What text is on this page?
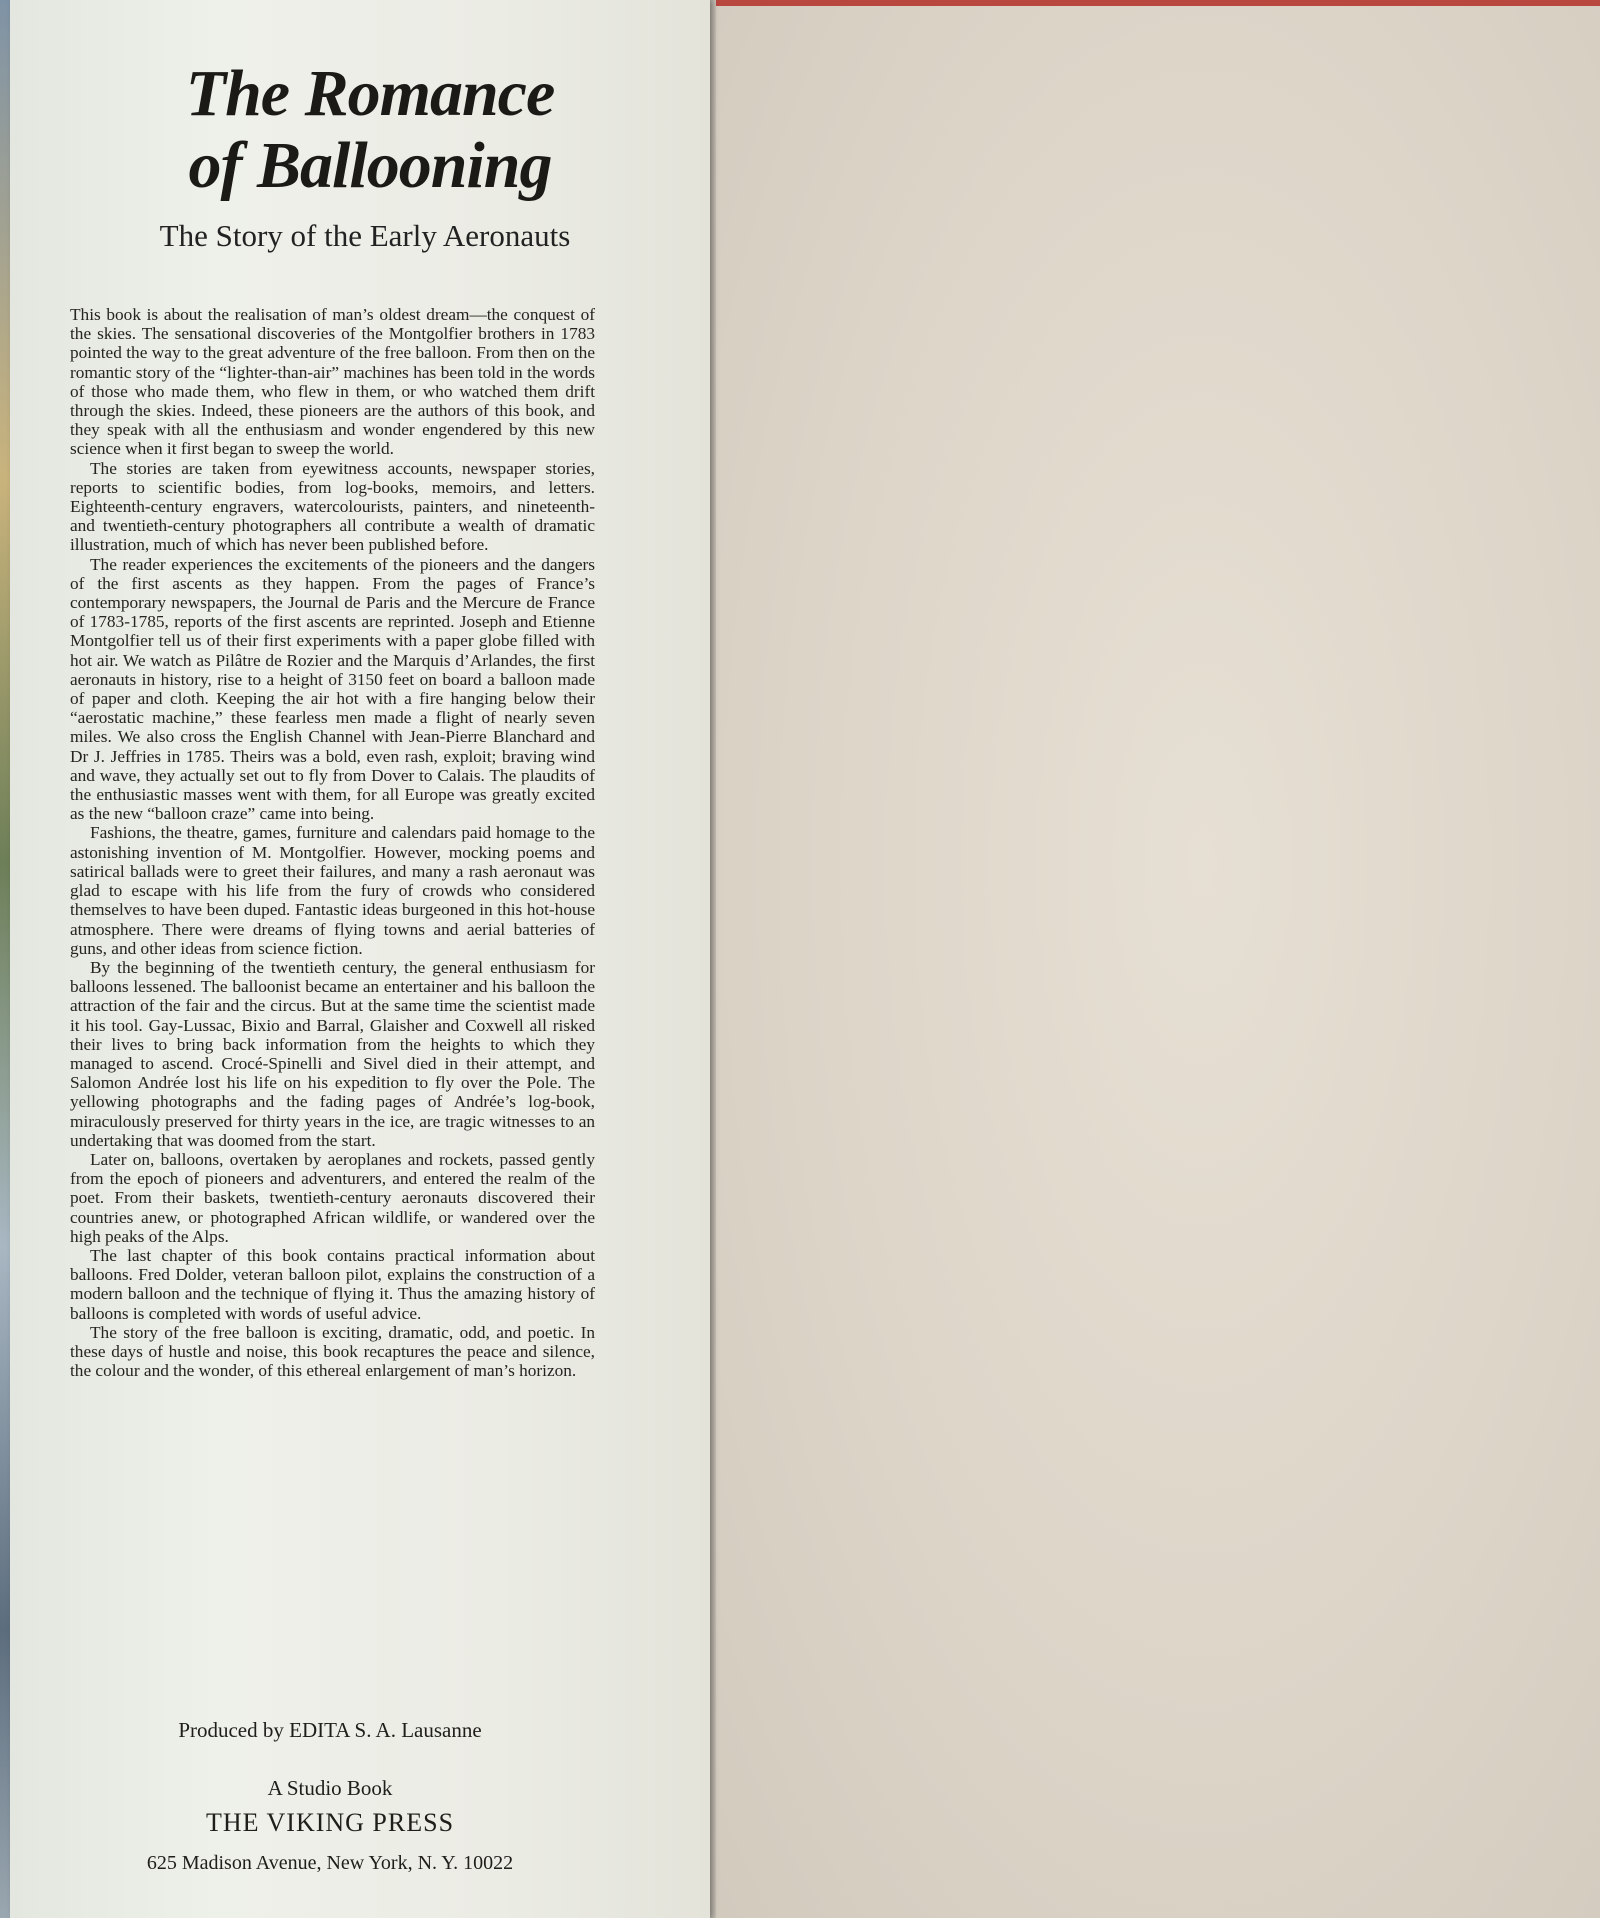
The Romance
of Ballooning
The Story of the Early Aeronauts

This book is about the realisation of man’s oldest dream—the conquest of the skies. The sensational discoveries of the Montgolfier brothers in 1783 pointed the way to the great adventure of the free balloon. From then on the romantic story of the “lighter-than-air” machines has been told in the words of those who made them, who flew in them, or who watched them drift through the skies. Indeed, these pioneers are the authors of this book, and they speak with all the enthusiasm and wonder engendered by this new science when it first began to sweep the world.

The stories are taken from eyewitness accounts, newspaper stories, reports to scientific bodies, from log-books, memoirs, and letters. Eighteenth-century engravers, watercolourists, painters, and nineteenth- and twentieth-century photographers all contribute a wealth of dramatic illustration, much of which has never been published before.

The reader experiences the excitements of the pioneers and the dangers of the first ascents as they happen. From the pages of France’s contemporary newspapers, the Journal de Paris and the Mercure de France of 1783-1785, reports of the first ascents are reprinted. Joseph and Etienne Montgolfier tell us of their first experiments with a paper globe filled with hot air. We watch as Pilâtre de Rozier and the Marquis d’Arlandes, the first aeronauts in history, rise to a height of 3150 feet on board a balloon made of paper and cloth. Keeping the air hot with a fire hanging below their “aerostatic machine,” these fearless men made a flight of nearly seven miles. We also cross the English Channel with Jean-Pierre Blanchard and Dr J. Jeffries in 1785. Theirs was a bold, even rash, exploit; braving wind and wave, they actually set out to fly from Dover to Calais. The plaudits of the enthusiastic masses went with them, for all Europe was greatly excited as the new “balloon craze” came into being.

Fashions, the theatre, games, furniture and calendars paid homage to the astonishing invention of M. Montgolfier. However, mocking poems and satirical ballads were to greet their failures, and many a rash aeronaut was glad to escape with his life from the fury of crowds who considered themselves to have been duped. Fantastic ideas burgeoned in this hot-house atmosphere. There were dreams of flying towns and aerial batteries of guns, and other ideas from science fiction.

By the beginning of the twentieth century, the general enthusiasm for balloons lessened. The balloonist became an entertainer and his balloon the attraction of the fair and the circus. But at the same time the scientist made it his tool. Gay-Lussac, Bixio and Barral, Glaisher and Coxwell all risked their lives to bring back information from the heights to which they managed to ascend. Crocé-Spinelli and Sivel died in their attempt, and Salomon Andrée lost his life on his expedition to fly over the Pole. The yellowing photographs and the fading pages of Andrée’s log-book, miraculously preserved for thirty years in the ice, are tragic witnesses to an undertaking that was doomed from the start.

Later on, balloons, overtaken by aeroplanes and rockets, passed gently from the epoch of pioneers and adventurers, and entered the realm of the poet. From their baskets, twentieth-century aeronauts discovered their countries anew, or photographed African wildlife, or wandered over the high peaks of the Alps.

The last chapter of this book contains practical information about balloons. Fred Dolder, veteran balloon pilot, explains the construction of a modern balloon and the technique of flying it. Thus the amazing history of balloons is completed with words of useful advice.

The story of the free balloon is exciting, dramatic, odd, and poetic. In these days of hustle and noise, this book recaptures the peace and silence, the colour and the wonder, of this ethereal enlargement of man’s horizon.

Produced by EDITA S. A. Lausanne

A Studio Book

THE VIKING PRESS

625 Madison Avenue, New York, N. Y. 10022
